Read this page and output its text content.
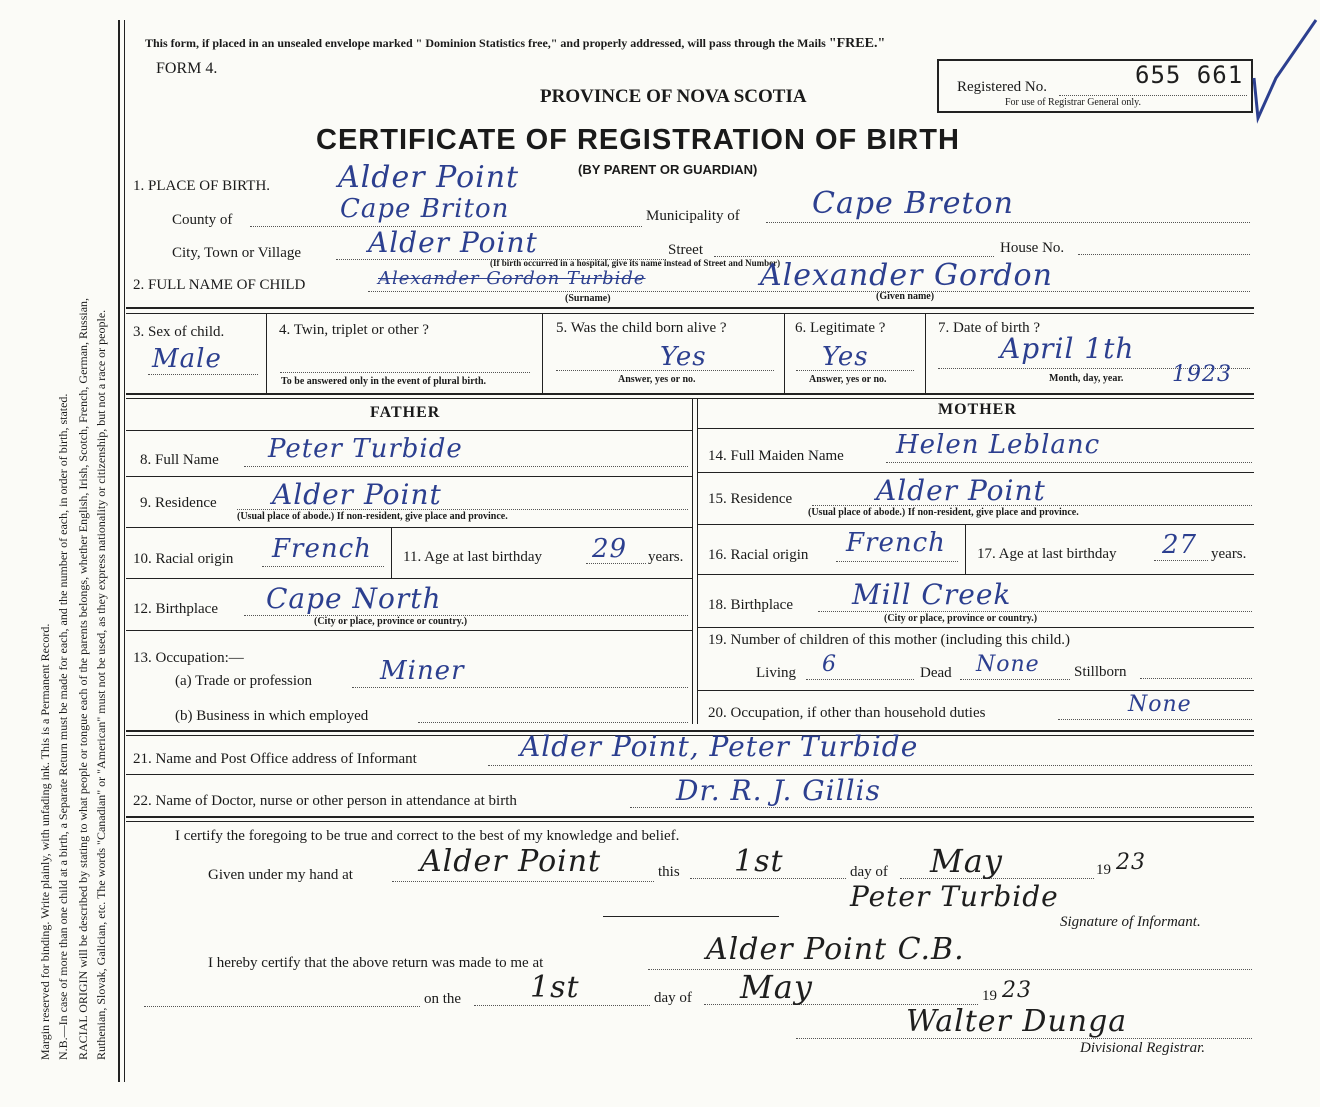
Margin reserved for binding. Write plainly, with unfading ink. This is a Permanent Record. N.B.—In case of more than one child at a birth, a Separate Return must be made for each, and the number of each, in order of birth, stated. RACIAL ORIGIN will be described by stating to what people or tongue each of the parents belongs, whether English, Irish, Scotch, French, German, Russian, Ruthenian, Slovak, Galician, etc. The words "Canadian" or "American" must not be used, as they express nationality or citizenship, but not a race or people.
This form, if placed in an unsealed envelope marked " Dominion Statistics free," and properly addressed, will pass through the Mails "FREE."
FORM 4.
PROVINCE OF NOVA SCOTIA
CERTIFICATE OF REGISTRATION OF BIRTH
(BY PARENT OR GUARDIAN)
Registered No.	655 661
For use of Registrar General only.
1. PLACE OF BIRTH. Alder Point
County of	Cape Briton	Municipality of Cape Breton
City, Town or Village Alder Point	Street
(If birth occurred in a hospital, give its name instead of Street and Number)
House No.
2. FULL NAME OF CHILD	Alexander Gordon Turbide	Alexander Gordon
(Surname)	(Given name)
3. Sex of child.
Male
4. Twin, triplet or other ?
To be answered only in the event of plural birth.
5. Was the child born alive ?
Yes
Answer, yes or no.
6. Legitimate ?
Yes
Answer, yes or no.
7. Date of birth ?
April 1th
Month, day, year. 1923
FATHER	MOTHER
8. Full Name Peter Turbide
9. Residence Alder Point
(Usual place of abode.) If non-resident, give place and province.
10. Racial origin French 11. Age at last birthday 29 years.
12. Birthplace Cape North
(City or place, province or country.)
13. Occupation:—
(a) Trade or profession	Miner
(b) Business in which employed
14. Full Maiden Name Helen Leblanc
15. Residence	Alder Point
(Usual place of abode.) If non-resident, give place and province.
16. Racial origin French 17. Age at last birthday 27 years.
18. Birthplace Mill Creek
(City or place, province or country.)
19. Number of children of this mother (including this child.)
Living 6	Dead None Stillborn
20. Occupation, if other than household duties	None
21. Name and Post Office address of Informant	Alder Point, Peter Turbide
22. Name of Doctor, nurse or other person in attendance at birth	Dr. R. J. Gillis
I certify the foregoing to be true and correct to the best of my knowledge and belief.
Given under my hand at Alder Point	this 1st	day of May	19 23
Peter Turbide
Signature of Informant.
I hereby certify that the above return was made to me at	Alder Point C.B.
on the 1st	day of May	19 23
Walter Dunga
Divisional Registrar.
